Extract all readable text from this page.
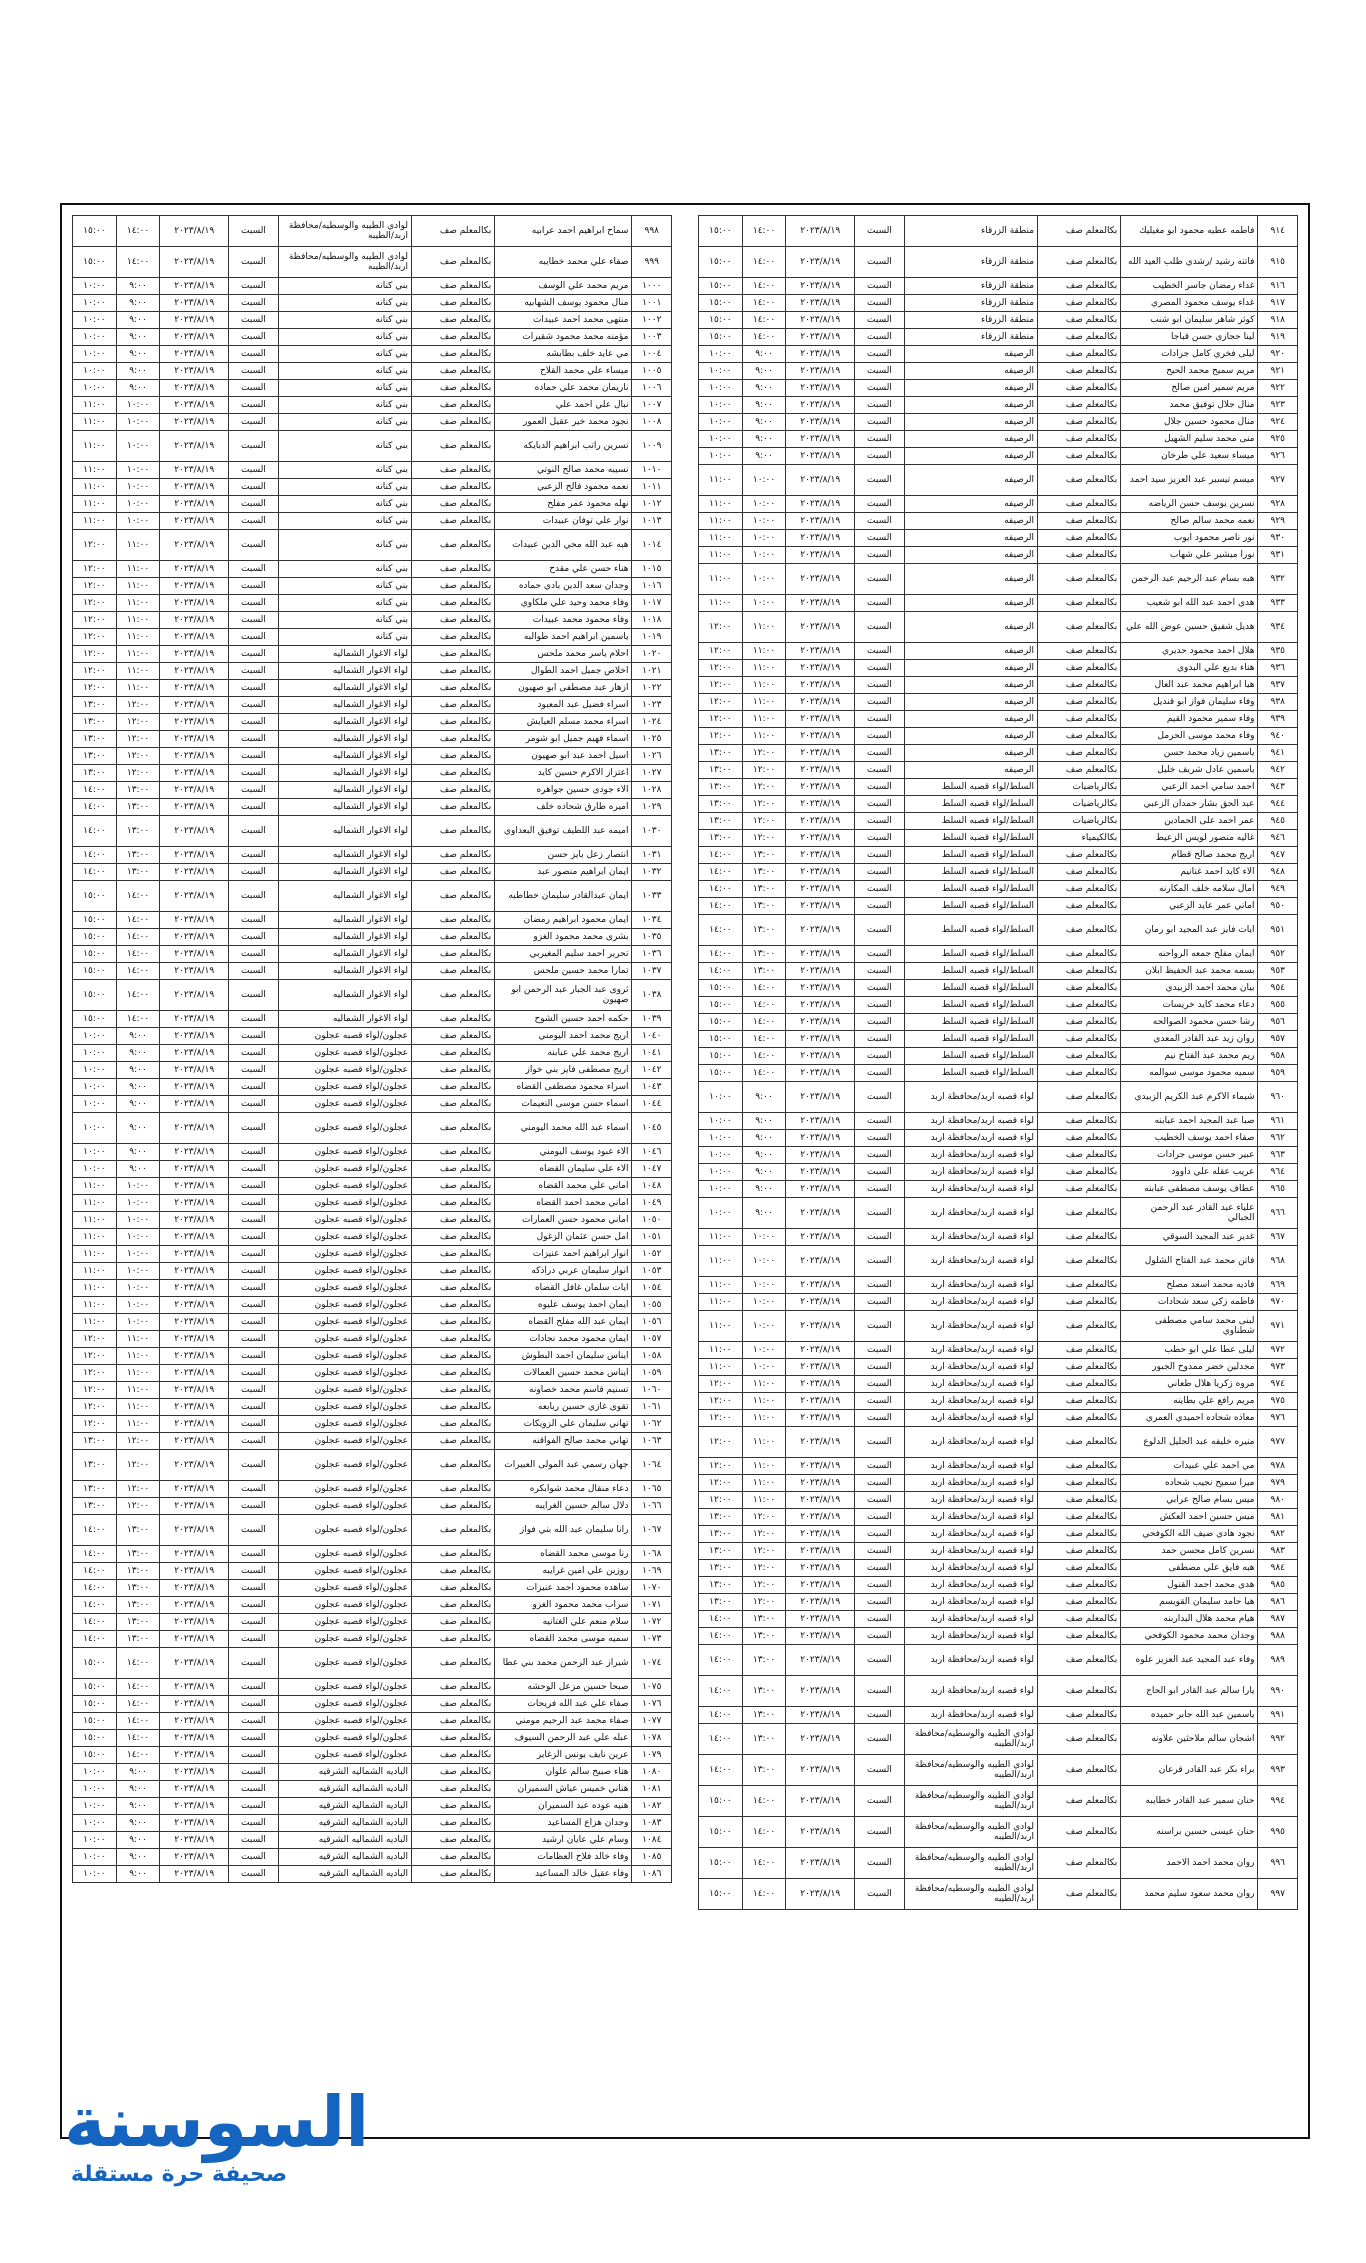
٩١٤	فاطمه عطيه محمود ابو مغيليك	بكالمعلم صف	منطقة الزرقاء	السبت	٢٠٢٣/٨/١٩	١٤:٠٠	١٥:٠٠
٩١٥	فاتنه رشيد /رشدي طلب العيد الله	بكالمعلم صف	منطقة الزرقاء	السبت	٢٠٢٣/٨/١٩	١٤:٠٠	١٥:٠٠
٩١٦	غداء رمضان جاسر الخطيب	بكالمعلم صف	منطقة الزرقاء	السبت	٢٠٢٣/٨/١٩	١٤:٠٠	١٥:٠٠
٩١٧	غداء يوسف محمود المصري	بكالمعلم صف	منطقة الزرقاء	السبت	٢٠٢٣/٨/١٩	١٤:٠٠	١٥:٠٠
٩١٨	كوثر شاهر سليمان ابو شنب	بكالمعلم صف	منطقة الزرقاء	السبت	٢٠٢٣/٨/١٩	١٤:٠٠	١٥:٠٠
٩١٩	لينا حجازي حسن قباجا	بكالمعلم صف	منطقة الزرقاء	السبت	٢٠٢٣/٨/١٩	١٤:٠٠	١٥:٠٠
٩٢٠	ليلى فخري كامل جرادات	بكالمعلم صف	الرصيفه	السبت	٢٠٢٣/٨/١٩	٩:٠٠	١٠:٠٠
٩٢١	مريم سميح محمد الحيح	بكالمعلم صف	الرصيفه	السبت	٢٠٢٣/٨/١٩	٩:٠٠	١٠:٠٠
٩٢٢	مريم سمير امين صالح	بكالمعلم صف	الرصيفه	السبت	٢٠٢٣/٨/١٩	٩:٠٠	١٠:٠٠
٩٢٣	منال جلال توفيق محمد	بكالمعلم صف	الرصيفه	السبت	٢٠٢٣/٨/١٩	٩:٠٠	١٠:٠٠
٩٢٤	منال محمود حسين جلال	بكالمعلم صف	الرصيفه	السبت	٢٠٢٣/٨/١٩	٩:٠٠	١٠:٠٠
٩٢٥	منى محمد سليم الشهيل	بكالمعلم صف	الرصيفه	السبت	٢٠٢٣/٨/١٩	٩:٠٠	١٠:٠٠
٩٢٦	ميساء سعيد علي طرخان	بكالمعلم صف	الرصيفه	السبت	٢٠٢٣/٨/١٩	٩:٠٠	١٠:٠٠
٩٢٧	ميسم تيسير عبد العزيز سيد احمد	بكالمعلم صف	الرصيفه	السبت	٢٠٢٣/٨/١٩	١٠:٠٠	١١:٠٠
٩٢٨	نسرين يوسف حسن الرياضه	بكالمعلم صف	الرصيفه	السبت	٢٠٢٣/٨/١٩	١٠:٠٠	١١:٠٠
٩٢٩	نعمه محمد سالم صالح	بكالمعلم صف	الرصيفه	السبت	٢٠٢٣/٨/١٩	١٠:٠٠	١١:٠٠
٩٣٠	نور ناصر محمود ايوب	بكالمعلم صف	الرصيفه	السبت	٢٠٢٣/٨/١٩	١٠:٠٠	١١:٠٠
٩٣١	نورا ميشير علي شهاب	بكالمعلم صف	الرصيفه	السبت	٢٠٢٣/٨/١٩	١٠:٠٠	١١:٠٠
٩٣٢	هبه بسام عبد الرحيم عبد الرحمن	بكالمعلم صف	الرصيفه	السبت	٢٠٢٣/٨/١٩	١٠:٠٠	١١:٠٠
٩٣٣	هدى احمد عبد الله ابو شعيب	بكالمعلم صف	الرصيفه	السبت	٢٠٢٣/٨/١٩	١٠:٠٠	١١:٠٠
٩٣٤	هديل شفيق حسين عوض الله علي	بكالمعلم صف	الرصيفه	السبت	٢٠٢٣/٨/١٩	١١:٠٠	١٢:٠٠
٩٣٥	هلال احمد محمود حديري	بكالمعلم صف	الرصيفه	السبت	٢٠٢٣/٨/١٩	١١:٠٠	١٢:٠٠
٩٣٦	هناء بديع علي البدوي	بكالمعلم صف	الرصيفه	السبت	٢٠٢٣/٨/١٩	١١:٠٠	١٢:٠٠
٩٣٧	هيا ابراهيم محمد عبد العال	بكالمعلم صف	الرصيفه	السبت	٢٠٢٣/٨/١٩	١١:٠٠	١٢:٠٠
٩٣٨	وفاء سليمان فواز ابو قنديل	بكالمعلم صف	الرصيفه	السبت	٢٠٢٣/٨/١٩	١١:٠٠	١٢:٠٠
٩٣٩	وفاء سمير محمود القيم	بكالمعلم صف	الرصيفه	السبت	٢٠٢٣/٨/١٩	١١:٠٠	١٢:٠٠
٩٤٠	وفاء محمد موسى الحرمل	بكالمعلم صف	الرصيفه	السبت	٢٠٢٣/٨/١٩	١١:٠٠	١٢:٠٠
٩٤١	ياسمين زياد محمد حسن	بكالمعلم صف	الرصيفه	السبت	٢٠٢٣/٨/١٩	١٢:٠٠	١٣:٠٠
٩٤٢	ياسمين عادل شريف خليل	بكالمعلم صف	الرصيفه	السبت	٢٠٢٣/٨/١٩	١٢:٠٠	١٣:٠٠
٩٤٣	احمد سامي احمد الزعبي	بكالرياضيات	السلط/لواء قصبه السلط	السبت	٢٠٢٣/٨/١٩	١٢:٠٠	١٣:٠٠
٩٤٤	عبد الحق بشار حمدان الزعبي	بكالرياضيات	السلط/لواء قصبه السلط	السبت	٢٠٢٣/٨/١٩	١٢:٠٠	١٣:٠٠
٩٤٥	عمر احمد على الحمادين	بكالرياضيات	السلط/لواء قصبه السلط	السبت	٢٠٢٣/٨/١٩	١٢:٠٠	١٣:٠٠
٩٤٦	غاليه منصور لويس الزعيط	بكالكيمياء	السلط/لواء قصبه السلط	السبت	٢٠٢٣/٨/١٩	١٢:٠٠	١٣:٠٠
٩٤٧	اريج محمد صالح قطام	بكالمعلم صف	السلط/لواء قصبه السلط	السبت	٢٠٢٣/٨/١٩	١٣:٠٠	١٤:٠٠
٩٤٨	الاء كايد احمد غنانيم	بكالمعلم صف	السلط/لواء قصبه السلط	السبت	٢٠٢٣/٨/١٩	١٣:٠٠	١٤:٠٠
٩٤٩	امال سلامه خلف المكارنه	بكالمعلم صف	السلط/لواء قصبه السلط	السبت	٢٠٢٣/٨/١٩	١٣:٠٠	١٤:٠٠
٩٥٠	اماني عمر عايد الزعبي	بكالمعلم صف	السلط/لواء قصبه السلط	السبت	٢٠٢٣/٨/١٩	١٣:٠٠	١٤:٠٠
٩٥١	ايات فايز عبد المجيد ابو رمان	بكالمعلم صف	السلط/لواء قصبه السلط	السبت	٢٠٢٣/٨/١٩	١٣:٠٠	١٤:٠٠
٩٥٢	ايمان مفلح جمعه الرواحنه	بكالمعلم صف	السلط/لواء قصبه السلط	السبت	٢٠٢٣/٨/١٩	١٣:٠٠	١٤:٠٠
٩٥٣	بسمه محمد عبد الحفيظ ابلان	بكالمعلم صف	السلط/لواء قصبه السلط	السبت	٢٠٢٣/٨/١٩	١٣:٠٠	١٤:٠٠
٩٥٤	بيان محمد احمد الزبيدي	بكالمعلم صف	السلط/لواء قصبه السلط	السبت	٢٠٢٣/٨/١٩	١٤:٠٠	١٥:٠٠
٩٥٥	دعاء محمد كايد خريسات	بكالمعلم صف	السلط/لواء قصبه السلط	السبت	٢٠٢٣/٨/١٩	١٤:٠٠	١٥:٠٠
٩٥٦	رشا حسن محمود الصوالحه	بكالمعلم صف	السلط/لواء قصبه السلط	السبت	٢٠٢٣/٨/١٩	١٤:٠٠	١٥:٠٠
٩٥٧	روان زيد عبد القادر المعدي	بكالمعلم صف	السلط/لواء قصبه السلط	السبت	٢٠٢٣/٨/١٩	١٤:٠٠	١٥:٠٠
٩٥٨	ريم محمد عبد الفتاح نيم	بكالمعلم صف	السلط/لواء قصبه السلط	السبت	٢٠٢٣/٨/١٩	١٤:٠٠	١٥:٠٠
٩٥٩	سميه محمود موسى سوالمه	بكالمعلم صف	السلط/لواء قصبه السلط	السبت	٢٠٢٣/٨/١٩	١٤:٠٠	١٥:٠٠
٩٦٠	شيماء الاكرم عبد الكريم الزبيدي	بكالمعلم صف	لواء قصبه اربد/محافظة اربد	السبت	٢٠٢٣/٨/١٩	٩:٠٠	١٠:٠٠
٩٦١	صبا عبد المجيد احمد عبابنه	بكالمعلم صف	لواء قصبه اربد/محافظة اربد	السبت	٢٠٢٣/٨/١٩	٩:٠٠	١٠:٠٠
٩٦٢	صفاء احمد يوسف الخطيب	بكالمعلم صف	لواء قصبه اربد/محافظة اربد	السبت	٢٠٢٣/٨/١٩	٩:٠٠	١٠:٠٠
٩٦٣	عبير حسن موسى جرادات	بكالمعلم صف	لواء قصبه اربد/محافظة اربد	السبت	٢٠٢٣/٨/١٩	٩:٠٠	١٠:٠٠
٩٦٤	عريب عقله علي داوود	بكالمعلم صف	لواء قصبه اربد/محافظة اربد	السبت	٢٠٢٣/٨/١٩	٩:٠٠	١٠:٠٠
٩٦٥	عطاف يوسف مصطفى عبابنه	بكالمعلم صف	لواء قصبه اربد/محافظة اربد	السبت	٢٠٢٣/٨/١٩	٩:٠٠	١٠:٠٠
٩٦٦	علياء عبد القادر عبد الرحمن الجبالي	بكالمعلم صف	لواء قصبه اربد/محافظة اربد	السبت	٢٠٢٣/٨/١٩	٩:٠٠	١٠:٠٠
٩٦٧	غدير عبد المجيد السوقي	بكالمعلم صف	لواء قصبه اربد/محافظة اربد	السبت	٢٠٢٣/٨/١٩	١٠:٠٠	١١:٠٠
٩٦٨	فاتن محمد عبد الفتاح الشلول	بكالمعلم صف	لواء قصبه اربد/محافظة اربد	السبت	٢٠٢٣/٨/١٩	١٠:٠٠	١١:٠٠
٩٦٩	فاديه محمد اسعد مصلح	بكالمعلم صف	لواء قصبه اربد/محافظة اربد	السبت	٢٠٢٣/٨/١٩	١٠:٠٠	١١:٠٠
٩٧٠	فاطمه زكي سعد شحادات	بكالمعلم صف	لواء قصبه اربد/محافظة اربد	السبت	٢٠٢٣/٨/١٩	١٠:٠٠	١١:٠٠
٩٧١	لبنى محمد سامي مصطفى شطناوي	بكالمعلم صف	لواء قصبه اربد/محافظة اربد	السبت	٢٠٢٣/٨/١٩	١٠:٠٠	١١:٠٠
٩٧٢	ليلى عطا علي ابو حطب	بكالمعلم صف	لواء قصبه اربد/محافظة اربد	السبت	٢٠٢٣/٨/١٩	١٠:٠٠	١١:٠٠
٩٧٣	مجدلين خضر ممدوح الجبور	بكالمعلم صف	لواء قصبه اربد/محافظة اربد	السبت	٢٠٢٣/٨/١٩	١٠:٠٠	١١:٠٠
٩٧٤	مروه زكريا هلال طعاني	بكالمعلم صف	لواء قصبه اربد/محافظة اربد	السبت	٢٠٢٣/٨/١٩	١١:٠٠	١٢:٠٠
٩٧٥	مريم رافع علي بطاينه	بكالمعلم صف	لواء قصبه اربد/محافظة اربد	السبت	٢٠٢٣/٨/١٩	١١:٠٠	١٢:٠٠
٩٧٦	معاذه شحاده احميدي العمري	بكالمعلم صف	لواء قصبه اربد/محافظة اربد	السبت	٢٠٢٣/٨/١٩	١١:٠٠	١٢:٠٠
٩٧٧	منيره خليفه عبد الجليل الدلوع	بكالمعلم صف	لواء قصبه اربد/محافظة اربد	السبت	٢٠٢٣/٨/١٩	١١:٠٠	١٢:٠٠
٩٧٨	مي احمد علي عبيدات	بكالمعلم صف	لواء قصبه اربد/محافظة اربد	السبت	٢٠٢٣/٨/١٩	١١:٠٠	١٢:٠٠
٩٧٩	ميرا سميح نجيب شحاده	بكالمعلم صف	لواء قصبه اربد/محافظة اربد	السبت	٢٠٢٣/٨/١٩	١١:٠٠	١٢:٠٠
٩٨٠	ميس بسام صالح عرابي	بكالمعلم صف	لواء قصبه اربد/محافظة اربد	السبت	٢٠٢٣/٨/١٩	١١:٠٠	١٢:٠٠
٩٨١	ميس حسين احمد العكش	بكالمعلم صف	لواء قصبه اربد/محافظة اربد	السبت	٢٠٢٣/٨/١٩	١٢:٠٠	١٣:٠٠
٩٨٢	نجود هادي ضيف الله الكوفحي	بكالمعلم صف	لواء قصبه اربد/محافظة اربد	السبت	٢٠٢٣/٨/١٩	١٢:٠٠	١٣:٠٠
٩٨٣	نسرين كامل محسن حمد	بكالمعلم صف	لواء قصبه اربد/محافظة اربد	السبت	٢٠٢٣/٨/١٩	١٢:٠٠	١٣:٠٠
٩٨٤	هبه فايق علي مصطفى	بكالمعلم صف	لواء قصبه اربد/محافظة اربد	السبت	٢٠٢٣/٨/١٩	١٢:٠٠	١٣:٠٠
٩٨٥	هدى محمد احمد القنول	بكالمعلم صف	لواء قصبه اربد/محافظة اربد	السبت	٢٠٢٣/٨/١٩	١٢:٠٠	١٣:٠٠
٩٨٦	هيا حامد سليمان القويسم	بكالمعلم صف	لواء قصبه اربد/محافظة اربد	السبت	٢٠٢٣/٨/١٩	١٢:٠٠	١٣:٠٠
٩٨٧	هيام محمد هلال البداربنه	بكالمعلم صف	لواء قصبه اربد/محافظة اربد	السبت	٢٠٢٣/٨/١٩	١٣:٠٠	١٤:٠٠
٩٨٨	وجدان محمد محمود الكوفحي	بكالمعلم صف	لواء قصبه اربد/محافظة اربد	السبت	٢٠٢٣/٨/١٩	١٣:٠٠	١٤:٠٠
٩٨٩	وفاء عبد المجيد عبد العزيز علوه	بكالمعلم صف	لواء قصبه اربد/محافظة اربد	السبت	٢٠٢٣/٨/١٩	١٣:٠٠	١٤:٠٠
٩٩٠	يارا سالم عبد القادر ابو الحاج	بكالمعلم صف	لواء قصبه اربد/محافظة اربد	السبت	٢٠٢٣/٨/١٩	١٣:٠٠	١٤:٠٠
٩٩١	ياسمين عبد الله جابر حميده	بكالمعلم صف	لواء قصبه اربد/محافظة اربد	السبت	٢٠٢٣/٨/١٩	١٣:٠٠	١٤:٠٠
٩٩٢	اشجان سالم ملاحثين علاونه	بكالمعلم صف	لوادي الطيبه والوسطيه/محافظة اربد/الطيبه	السبت	٢٠٢٣/٨/١٩	١٣:٠٠	١٤:٠٠
٩٩٣	براء بكر عبد القادر قرعان	بكالمعلم صف	لوادي الطيبه والوسطيه/محافظة اربد/الطيبه	السبت	٢٠٢٣/٨/١٩	١٣:٠٠	١٤:٠٠
٩٩٤	حنان سمير عبد القادر خطايبه	بكالمعلم صف	لوادي الطيبه والوسطيه/محافظة اربد/الطيبه	السبت	٢٠٢٣/٨/١٩	١٤:٠٠	١٥:٠٠
٩٩٥	حنان عيسى حسين براسنه	بكالمعلم صف	لوادي الطيبه والوسطيه/محافظة اربد/الطيبه	السبت	٢٠٢٣/٨/١٩	١٤:٠٠	١٥:٠٠
٩٩٦	روان محمد احمد الاحمد	بكالمعلم صف	لوادي الطيبه والوسطيه/محافظة اربد/الطيبه	السبت	٢٠٢٣/٨/١٩	١٤:٠٠	١٥:٠٠
٩٩٧	روان محمد سعود سليم محمد	بكالمعلم صف	لوادي الطيبه والوسطيه/محافظة اربد/الطيبه	السبت	٢٠٢٣/٨/١٩	١٤:٠٠	١٥:٠٠
٩٩٨	سماح ابراهيم احمد عرابيه	بكالمعلم صف	لوادي الطيبه والوسطيه/محافظة اربد/الطيبه	السبت	٢٠٢٣/٨/١٩	١٤:٠٠	١٥:٠٠
٩٩٩	صفاء علي محمد خطايبه	بكالمعلم صف	لوادي الطيبه والوسطيه/محافظة اربد/الطيبه	السبت	٢٠٢٣/٨/١٩	١٤:٠٠	١٥:٠٠
١٠٠٠	مريم محمد علي الوسف	بكالمعلم صف	بني كنانه	السبت	٢٠٢٣/٨/١٩	٩:٠٠	١٠:٠٠
١٠٠١	منال محمود يوسف الشهابيه	بكالمعلم صف	بني كنانه	السبت	٢٠٢٣/٨/١٩	٩:٠٠	١٠:٠٠
١٠٠٢	منتهى محمد احمد عبيدات	بكالمعلم صف	بني كنانه	السبت	٢٠٢٣/٨/١٩	٩:٠٠	١٠:٠٠
١٠٠٣	مؤمنه محمد محمود شقيرات	بكالمعلم صف	بني كنانه	السبت	٢٠٢٣/٨/١٩	٩:٠٠	١٠:٠٠
١٠٠٤	مي عايد خلف بطابشه	بكالمعلم صف	بني كنانه	السبت	٢٠٢٣/٨/١٩	٩:٠٠	١٠:٠٠
١٠٠٥	ميساء علي محمد القلاح	بكالمعلم صف	بني كنانه	السبت	٢٠٢٣/٨/١٩	٩:٠٠	١٠:٠٠
١٠٠٦	ناريمان محمد علي حماده	بكالمعلم صف	بني كنانه	السبت	٢٠٢٣/٨/١٩	٩:٠٠	١٠:٠٠
١٠٠٧	نبال علي احمد علي	بكالمعلم صف	بني كنانه	السبت	٢٠٢٣/٨/١٩	١٠:٠٠	١١:٠٠
١٠٠٨	نجود محمد خير عقيل العمور	بكالمعلم صف	بني كنانه	السبت	٢٠٢٣/٨/١٩	١٠:٠٠	١١:٠٠
١٠٠٩	نسرين راتب ابراهيم الدبايكه	بكالمعلم صف	بني كنانه	السبت	٢٠٢٣/٨/١٩	١٠:٠٠	١١:٠٠
١٠١٠	نسيبه محمد صالح النوتي	بكالمعلم صف	بني كنانه	السبت	٢٠٢٣/٨/١٩	١٠:٠٠	١١:٠٠
١٠١١	نعمه محمود فالح الزعبي	بكالمعلم صف	بني كنانه	السبت	٢٠٢٣/٨/١٩	١٠:٠٠	١١:٠٠
١٠١٢	نهله محمود عمر مفلح	بكالمعلم صف	بني كنانه	السبت	٢٠٢٣/٨/١٩	١٠:٠٠	١١:٠٠
١٠١٣	نوار علي توفان عبيدات	بكالمعلم صف	بني كنانه	السبت	٢٠٢٣/٨/١٩	١٠:٠٠	١١:٠٠
١٠١٤	هبه عبد الله محي الدين عبيدات	بكالمعلم صف	بني كنانه	السبت	٢٠٢٣/٨/١٩	١١:٠٠	١٢:٠٠
١٠١٥	هناء حسن علي مقدح	بكالمعلم صف	بني كنانه	السبت	٢٠٢٣/٨/١٩	١١:٠٠	١٢:٠٠
١٠١٦	وجدان سعد الدين بادي حماده	بكالمعلم صف	بني كنانه	السبت	٢٠٢٣/٨/١٩	١١:٠٠	١٢:٠٠
١٠١٧	وفاء محمد وحيد علي ملكاوي	بكالمعلم صف	بني كنانه	السبت	٢٠٢٣/٨/١٩	١١:٠٠	١٢:٠٠
١٠١٨	وفاء محمود محمد عبيدات	بكالمعلم صف	بني كنانه	السبت	٢٠٢٣/٨/١٩	١١:٠٠	١٢:٠٠
١٠١٩	ياسمين ابراهيم احمد طوالبه	بكالمعلم صف	بني كنانه	السبت	٢٠٢٣/٨/١٩	١١:٠٠	١٢:٠٠
١٠٢٠	احلام ياسر محمد ملحس	بكالمعلم صف	لواء الاغوار الشماليه	السبت	٢٠٢٣/٨/١٩	١١:٠٠	١٢:٠٠
١٠٢١	اخلاص جميل احمد الطوال	بكالمعلم صف	لواء الاغوار الشماليه	السبت	٢٠٢٣/٨/١٩	١١:٠٠	١٢:٠٠
١٠٢٢	ازهار عبد مصطفى ابو صهيون	بكالمعلم صف	لواء الاغوار الشماليه	السبت	٢٠٢٣/٨/١٩	١١:٠٠	١٢:٠٠
١٠٢٣	اسراء فضيل عبد المعبود	بكالمعلم صف	لواء الاغوار الشماليه	السبت	٢٠٢٣/٨/١٩	١٢:٠٠	١٣:٠٠
١٠٢٤	اسراء محمد مسلم العيايش	بكالمعلم صف	لواء الاغوار الشماليه	السبت	٢٠٢٣/٨/١٩	١٢:٠٠	١٣:٠٠
١٠٢٥	اسماء فهيم جميل ابو شومر	بكالمعلم صف	لواء الاغوار الشماليه	السبت	٢٠٢٣/٨/١٩	١٢:٠٠	١٣:٠٠
١٠٢٦	اسيل احمد عبد ابو صهيون	بكالمعلم صف	لواء الاغوار الشماليه	السبت	٢٠٢٣/٨/١٩	١٢:٠٠	١٣:٠٠
١٠٢٧	اعتزاز الاكرم حسين كايد	بكالمعلم صف	لواء الاغوار الشماليه	السبت	٢٠٢٣/٨/١٩	١٢:٠٠	١٣:٠٠
١٠٢٨	الاء جودي حسين جواهره	بكالمعلم صف	لواء الاغوار الشماليه	السبت	٢٠٢٣/٨/١٩	١٣:٠٠	١٤:٠٠
١٠٢٩	اميره طارق شحاده خلف	بكالمعلم صف	لواء الاغوار الشماليه	السبت	٢٠٢٣/٨/١٩	١٣:٠٠	١٤:٠٠
١٠٣٠	اميمه عبد اللطيف توفيق البعداوي	بكالمعلم صف	لواء الاغوار الشماليه	السبت	٢٠٢٣/٨/١٩	١٣:٠٠	١٤:٠٠
١٠٣١	انتصار زعل بايز حسن	بكالمعلم صف	لواء الاغوار الشماليه	السبت	٢٠٢٣/٨/١٩	١٣:٠٠	١٤:٠٠
١٠٣٢	ايمان ابراهيم منصور عبد	بكالمعلم صف	لواء الاغوار الشماليه	السبت	٢٠٢٣/٨/١٩	١٣:٠٠	١٤:٠٠
١٠٣٣	ايمان عبدالقادر سليمان خطاطبه	بكالمعلم صف	لواء الاغوار الشماليه	السبت	٢٠٢٣/٨/١٩	١٤:٠٠	١٥:٠٠
١٠٣٤	ايمان محمود ابراهيم رمضان	بكالمعلم صف	لواء الاغوار الشماليه	السبت	٢٠٢٣/٨/١٩	١٤:٠٠	١٥:٠٠
١٠٣٥	بشرى محمد محمود الغزو	بكالمعلم صف	لواء الاغوار الشماليه	السبت	٢٠٢٣/٨/١٩	١٤:٠٠	١٥:٠٠
١٠٣٦	تحرير احمد سليم المغيربي	بكالمعلم صف	لواء الاغوار الشماليه	السبت	٢٠٢٣/٨/١٩	١٤:٠٠	١٥:٠٠
١٠٣٧	تمارا محمد حسين ملحس	بكالمعلم صف	لواء الاغوار الشماليه	السبت	٢٠٢٣/٨/١٩	١٤:٠٠	١٥:٠٠
١٠٣٨	ثروى عبد الجبار عبد الرحمن ابو صهيون	بكالمعلم صف	لواء الاغوار الشماليه	السبت	٢٠٢٣/٨/١٩	١٤:٠٠	١٥:٠٠
١٠٣٩	حكمه احمد حسين الشوح	بكالمعلم صف	لواء الاغوار الشماليه	السبت	٢٠٢٣/٨/١٩	١٤:٠٠	١٥:٠٠
١٠٤٠	اريج محمد احمد اليومني	بكالمعلم صف	عجلون/لواء قصبه عجلون	السبت	٢٠٢٣/٨/١٩	٩:٠٠	١٠:٠٠
١٠٤١	اريج محمد علي عبابنه	بكالمعلم صف	عجلون/لواء قصبه عجلون	السبت	٢٠٢٣/٨/١٩	٩:٠٠	١٠:٠٠
١٠٤٢	اريج مصطفى فايز بني خواز	بكالمعلم صف	عجلون/لواء قصبه عجلون	السبت	٢٠٢٣/٨/١٩	٩:٠٠	١٠:٠٠
١٠٤٣	اسراء محمود مصطفى القضاه	بكالمعلم صف	عجلون/لواء قصبه عجلون	السبت	٢٠٢٣/٨/١٩	٩:٠٠	١٠:٠٠
١٠٤٤	اسماء حسن موسى النعيمات	بكالمعلم صف	عجلون/لواء قصبه عجلون	السبت	٢٠٢٣/٨/١٩	٩:٠٠	١٠:٠٠
١٠٤٥	اسماء عبد الله محمد اليومني	بكالمعلم صف	عجلون/لواء قصبه عجلون	السبت	٢٠٢٣/٨/١٩	٩:٠٠	١٠:٠٠
١٠٤٦	الاء عبود يوسف اليومني	بكالمعلم صف	عجلون/لواء قصبه عجلون	السبت	٢٠٢٣/٨/١٩	٩:٠٠	١٠:٠٠
١٠٤٧	الاء علي سليمان القضاه	بكالمعلم صف	عجلون/لواء قصبه عجلون	السبت	٢٠٢٣/٨/١٩	٩:٠٠	١٠:٠٠
١٠٤٨	اماني علي محمد القضاه	بكالمعلم صف	عجلون/لواء قصبه عجلون	السبت	٢٠٢٣/٨/١٩	١٠:٠٠	١١:٠٠
١٠٤٩	اماني محمد احمد القضاه	بكالمعلم صف	عجلون/لواء قصبه عجلون	السبت	٢٠٢٣/٨/١٩	١٠:٠٠	١١:٠٠
١٠٥٠	اماني محمود حسن العمارات	بكالمعلم صف	عجلون/لواء قصبه عجلون	السبت	٢٠٢٣/٨/١٩	١٠:٠٠	١١:٠٠
١٠٥١	امل حسن عثمان الزغول	بكالمعلم صف	عجلون/لواء قصبه عجلون	السبت	٢٠٢٣/٨/١٩	١٠:٠٠	١١:٠٠
١٠٥٢	انوار ابراهيم احمد عنيزات	بكالمعلم صف	عجلون/لواء قصبه عجلون	السبت	٢٠٢٣/٨/١٩	١٠:٠٠	١١:٠٠
١٠٥٣	انوار سليمان عربي دراذكه	بكالمعلم صف	عجلون/لواء قصبه عجلون	السبت	٢٠٢٣/٨/١٩	١٠:٠٠	١١:٠٠
١٠٥٤	ايات سلمان غافل القضاه	بكالمعلم صف	عجلون/لواء قصبه عجلون	السبت	٢٠٢٣/٨/١٩	١٠:٠٠	١١:٠٠
١٠٥٥	ايمان احمد يوسف عليوه	بكالمعلم صف	عجلون/لواء قصبه عجلون	السبت	٢٠٢٣/٨/١٩	١٠:٠٠	١١:٠٠
١٠٥٦	ايمان عبد الله مفلح القضاه	بكالمعلم صف	عجلون/لواء قصبه عجلون	السبت	٢٠٢٣/٨/١٩	١٠:٠٠	١١:٠٠
١٠٥٧	ايمان محمود محمد نجادات	بكالمعلم صف	عجلون/لواء قصبه عجلون	السبت	٢٠٢٣/٨/١٩	١١:٠٠	١٢:٠٠
١٠٥٨	ايناس سليمان احمد البطوش	بكالمعلم صف	عجلون/لواء قصبه عجلون	السبت	٢٠٢٣/٨/١٩	١١:٠٠	١٢:٠٠
١٠٥٩	ايناس محمد حسين العمالات	بكالمعلم صف	عجلون/لواء قصبه عجلون	السبت	٢٠٢٣/٨/١٩	١١:٠٠	١٢:٠٠
١٠٦٠	تسنيم قاسم محمد خصاونه	بكالمعلم صف	عجلون/لواء قصبه عجلون	السبت	٢٠٢٣/٨/١٩	١١:٠٠	١٢:٠٠
١٠٦١	تقوى غازي حسين ربابعه	بكالمعلم صف	عجلون/لواء قصبه عجلون	السبت	٢٠٢٣/٨/١٩	١١:٠٠	١٢:٠٠
١٠٦٢	تهاني سليمان علي الزويكات	بكالمعلم صف	عجلون/لواء قصبه عجلون	السبت	٢٠٢٣/٨/١٩	١١:٠٠	١٢:٠٠
١٠٦٣	تهاني محمد صالح الفواقنه	بكالمعلم صف	عجلون/لواء قصبه عجلون	السبت	٢٠٢٣/٨/١٩	١٢:٠٠	١٣:٠٠
١٠٦٤	جهان رسمي عبد المولى العبيرات	بكالمعلم صف	عجلون/لواء قصبه عجلون	السبت	٢٠٢٣/٨/١٩	١٢:٠٠	١٣:٠٠
١٠٦٥	دعاء منقال محمد شوابكره	بكالمعلم صف	عجلون/لواء قصبه عجلون	السبت	٢٠٢٣/٨/١٩	١٢:٠٠	١٣:٠٠
١٠٦٦	دلال سالم حسين الغرايبه	بكالمعلم صف	عجلون/لواء قصبه عجلون	السبت	٢٠٢٣/٨/١٩	١٢:٠٠	١٣:٠٠
١٠٦٧	رانا سليمان عبد الله بني فواز	بكالمعلم صف	عجلون/لواء قصبه عجلون	السبت	٢٠٢٣/٨/١٩	١٣:٠٠	١٤:٠٠
١٠٦٨	رنا موسى محمد القضاه	بكالمعلم صف	عجلون/لواء قصبه عجلون	السبت	٢٠٢٣/٨/١٩	١٣:٠٠	١٤:٠٠
١٠٦٩	روزين علي امين غرايبه	بكالمعلم صف	عجلون/لواء قصبه عجلون	السبت	٢٠٢٣/٨/١٩	١٣:٠٠	١٤:٠٠
١٠٧٠	ساهده محمود احمد عنيزات	بكالمعلم صف	عجلون/لواء قصبه عجلون	السبت	٢٠٢٣/٨/١٩	١٣:٠٠	١٤:٠٠
١٠٧١	سراب محمد محمود الغزو	بكالمعلم صف	عجلون/لواء قصبه عجلون	السبت	٢٠٢٣/٨/١٩	١٣:٠٠	١٤:٠٠
١٠٧٢	سلام منعم علي الغتانيه	بكالمعلم صف	عجلون/لواء قصبه عجلون	السبت	٢٠٢٣/٨/١٩	١٣:٠٠	١٤:٠٠
١٠٧٣	سميه موسى محمد القضاه	بكالمعلم صف	عجلون/لواء قصبه عجلون	السبت	٢٠٢٣/٨/١٩	١٣:٠٠	١٤:٠٠
١٠٧٤	شيراز عبد الرحمن محمد بني عطا	بكالمعلم صف	عجلون/لواء قصبه عجلون	السبت	٢٠٢٣/٨/١٩	١٤:٠٠	١٥:٠٠
١٠٧٥	صبحا حسين مزعل الوحشه	بكالمعلم صف	عجلون/لواء قصبه عجلون	السبت	٢٠٢٣/٨/١٩	١٤:٠٠	١٥:٠٠
١٠٧٦	صفاء علي عبد الله فريحات	بكالمعلم صف	عجلون/لواء قصبه عجلون	السبت	٢٠٢٣/٨/١٩	١٤:٠٠	١٥:٠٠
١٠٧٧	صفاء محمد عبد الرحيم مومني	بكالمعلم صف	عجلون/لواء قصبه عجلون	السبت	٢٠٢٣/٨/١٩	١٤:٠٠	١٥:٠٠
١٠٧٨	عبله علي عبد الرحمن السيوف	بكالمعلم صف	عجلون/لواء قصبه عجلون	السبت	٢٠٢٣/٨/١٩	١٤:٠٠	١٥:٠٠
١٠٧٩	عرين نايف يونس الزغاير	بكالمعلم صف	عجلون/لواء قصبه عجلون	السبت	٢٠٢٣/٨/١٩	١٤:٠٠	١٥:٠٠
١٠٨٠	هناء صبيح سالم علوان	بكالمعلم صف	الباديه الشماليه الشرقيه	السبت	٢٠٢٣/٨/١٩	٩:٠٠	١٠:٠٠
١٠٨١	هناني خميس عياش السميران	بكالمعلم صف	الباديه الشماليه الشرقيه	السبت	٢٠٢٣/٨/١٩	٩:٠٠	١٠:٠٠
١٠٨٢	هنيه عوده عبد السميران	بكالمعلم صف	الباديه الشماليه الشرقيه	السبت	٢٠٢٣/٨/١٩	٩:٠٠	١٠:٠٠
١٠٨٣	وجدان هزاع المساعيد	بكالمعلم صف	الباديه الشماليه الشرقيه	السبت	٢٠٢٣/٨/١٩	٩:٠٠	١٠:٠٠
١٠٨٤	وسام علي عايان ارشيد	بكالمعلم صف	الباديه الشماليه الشرقيه	السبت	٢٠٢٣/٨/١٩	٩:٠٠	١٠:٠٠
١٠٨٥	وفاء خالد فلاح العظامات	بكالمعلم صف	الباديه الشماليه الشرقيه	السبت	٢٠٢٣/٨/١٩	٩:٠٠	١٠:٠٠
١٠٨٦	وفاء عقيل خالد المساعيد	بكالمعلم صف	الباديه الشماليه الشرقيه	السبت	٢٠٢٣/٨/١٩	٩:٠٠	١٠:٠٠
السوسنة
صحيفة حرة مستقلة
